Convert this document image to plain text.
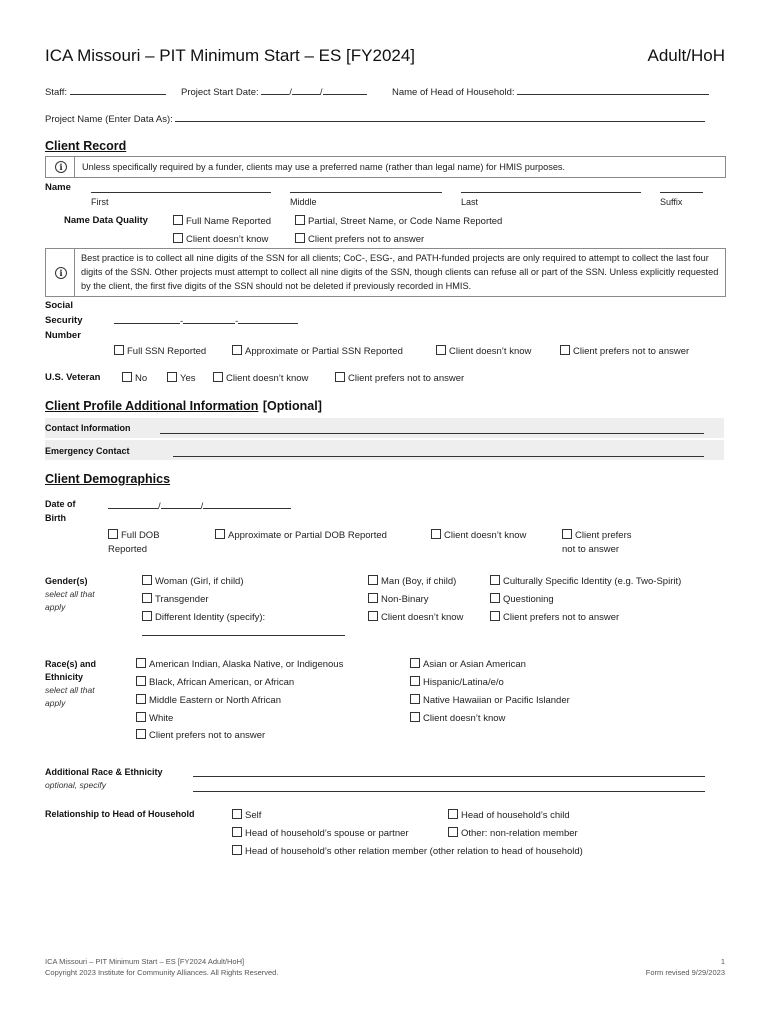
ICA Missouri – PIT Minimum Start – ES [FY2024]	Adult/HoH
Staff:	Project Start Date:	/	/	Name of Head of Household:
Project Name (Enter Data As):
Client Record
i	Unless specifically required by a funder, clients may use a preferred name (rather than legal name) for HMIS purposes.
Name
First	Middle	Last	Suffix
Name Data Quality	Full Name Reported	Partial, Street Name, or Code Name Reported
Client doesn’t know	Client prefers not to answer
i
Best practice is to collect all nine digits of the SSN for all clients; CoC-, ESG-, and PATH-funded projects are only required to attempt to collect the last four digits of the SSN. Other projects must attempt to collect all nine digits of the SSN, though clients can refuse all or part of the SSN. Unless explicitly requested by the client, the first five digits of the SSN should not be deleted if previously recorded in HMIS.
Social
Security
Number
-	-
Full SSN Reported	Approximate or Partial SSN Reported	Client doesn’t know	Client prefers not to answer
U.S. Veteran	No	Yes	Client doesn’t know	Client prefers not to answer
Client Profile Additional Information [Optional]
Contact Information
Emergency Contact
Client Demographics
Date of
Birth
/	/
Full DOB
Reported
Approximate or Partial DOB Reported	Client doesn’t know	Client prefers
not to answer
Gender(s)
select all that
apply
Woman (Girl, if child)	Man (Boy, if child)	Culturally Specific Identity (e.g. Two-Spirit)
Transgender	Non-Binary	Questioning
Different Identity (specify):	Client doesn’t know	Client prefers not to answer
Race(s) and
Ethnicity
select all that
apply
American Indian, Alaska Native, or Indigenous	Asian or Asian American
Black, African American, or African	Hispanic/Latina/e/o
Middle Eastern or North African	Native Hawaiian or Pacific Islander
White	Client doesn’t know
Client prefers not to answer
Additional Race & Ethnicity
optional, specify
Relationship to Head of Household	Self	Head of household’s child
Head of household’s spouse or partner	Other: non-relation member
Head of household’s other relation member (other relation to head of household)
ICA Missouri – PIT Minimum Start – ES [FY2024 Adult/HoH]
Copyright 2023 Institute for Community Alliances. All Rights Reserved.
1
Form revised 9/29/2023
